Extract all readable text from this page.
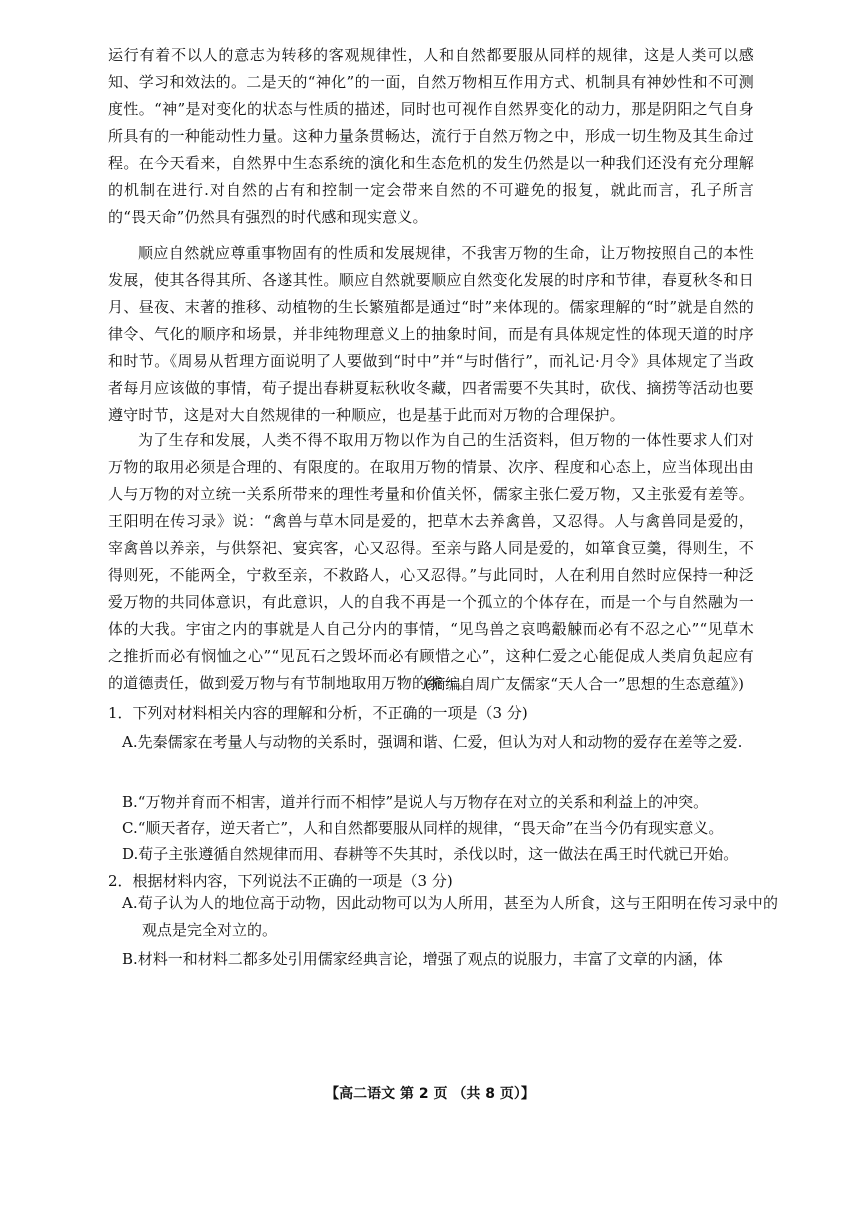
运行有着不以人的意志为转移的客观规律性，人和自然都要服从同样的规律，这是人类可以感知、学习和效法的。二是天的“神化”的一面，自然万物相互作用方式、机制具有神妙性和不可测度性。“神”是对变化的状态与性质的描述，同时也可视作自然界变化的动力，那是阴阳之气自身所具有的一种能动性力量。这种力量条贯畅达，流行于自然万物之中，形成一切生物及其生命过程。在今天看来，自然界中生态系统的演化和生态危机的发生仍然是以一种我们还没有充分理解的机制在进行.对自然的占有和控制一定会带来自然的不可避免的报复，就此而言，孔子所言的“畏天命”仍然具有强烈的时代感和现实意义。

顺应自然就应尊重事物固有的性质和发展规律，不我害万物的生命，让万物按照自己的本性发展，使其各得其所、各遂其性。顺应自然就要顺应自然变化发展的时序和节律，春夏秋冬和日月、昼夜、末著的推移、动植物的生长繁殖都是通过“时”来体现的。儒家理解的“时”就是自然的律令、气化的顺序和场景，并非纯物理意义上的抽象时间，而是有具体规定性的体现天道的时序和时节。《周易从哲理方面说明了人要做到“时中”并“与时偕行”，而礼记·月令》具体规定了当政者每月应该做的事情，荀子提出春耕夏耘秋收冬藏，四者需要不失其时，砍伐、摘捞等活动也要遵守时节，这是对大自然规律的一种顺应，也是基于此而对万物的合理保护。

为了生存和发展，人类不得不取用万物以作为自己的生活资料，但万物的一体性要求人们对万物的取用必须是合理的、有限度的。在取用万物的情景、次序、程度和心态上，应当体现出由人与万物的对立统一关系所带来的理性考量和价值关怀，儒家主张仁爱万物，又主张爱有差等。王阳明在传习录》说：“禽兽与草木同是爱的，把草木去养禽兽，又忍得。人与禽兽同是爱的，宰禽兽以养亲，与供祭祀、宴宾客，心又忍得。至亲与路人同是爱的，如箪食豆羹，得则生，不得则死，不能两全，宁救至亲，不救路人，心又忍得。”与此同时，人在利用自然时应保持一种泛爱万物的共同体意识，有此意识，人的自我不再是一个孤立的个体存在，而是一个与自然融为一体的大我。宇宙之内的事就是人自己分内的事情，“见鸟兽之哀鸣觳觫而必有不忍之心”“见草木之推折而必有悯恤之心”“见瓦石之毁坏而必有顾惜之心”，这种仁爱之心能促成人类肩负起应有的道德责任，做到爱万物与有节制地取用万物的统一。

(摘编自周广友儒家“天人合一”思想的生态意蕴》)

1．下列对材料相关内容的理解和分析，不正确的一项是（3 分)

A.先秦儒家在考量人与动物的关系时，强调和谐、仁爱，但认为对人和动物的爱存在差等之爱.

B.“万物并育而不相害，道并行而不相悖”是说人与万物存在对立的关系和利益上的冲突。

C.“顺天者存，逆天者亡”，人和自然都要服从同样的规律，“畏天命”在当今仍有现实意义。

D.荀子主张遵循自然规律而用、春耕等不失其时，杀伐以时，这一做法在禹王时代就已开始。

2．根据材料内容，下列说法不正确的一项是（3 分)

A.荀子认为人的地位高于动物，因此动物可以为人所用，甚至为人所食，这与王阳明在传习录中的观点是完全对立的。

B.材料一和材料二都多处引用儒家经典言论，增强了观点的说服力，丰富了文章的内涵，体

【高二语文 第 2 页 （共 8 页）】
